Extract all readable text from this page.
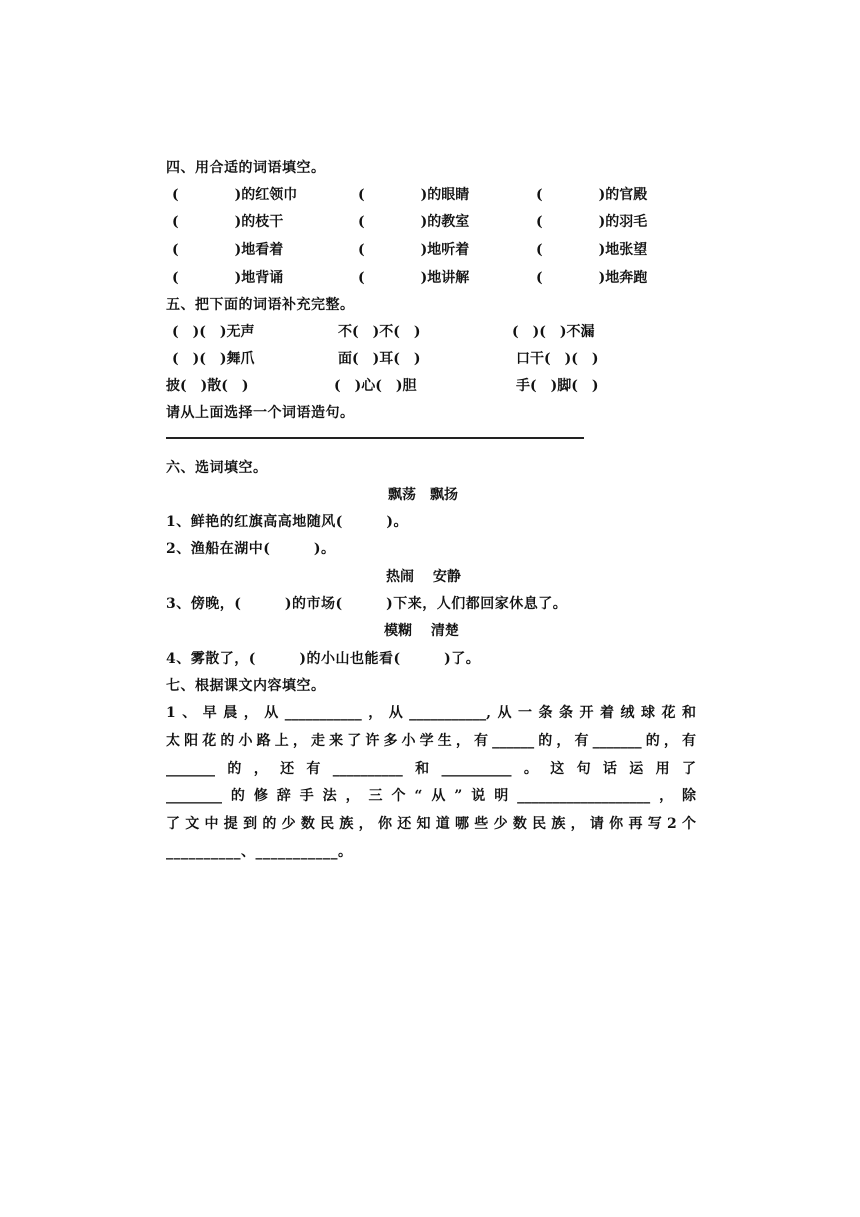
四、用合适的词语填空。
(　　　　)的红领巾	(　　　　)的眼睛	(　　　　)的官殿
(　　　　)的枝干	(　　　　)的教室	(　　　　)的羽毛
(　　　　)地看着	(　　　　)地听着	(　　　　)地张望
(　　　　)地背诵	(　　　　)地讲解	(　　　　)地奔跑
五、把下面的词语补充完整。
(　)(　)无声	不(　)不(　)	(　)(　)不漏
(　)(　)舞爪	面(　)耳(　)	口干(　)(　)
披(　)散(　)	(　)心(　)胆	手(　)脚(　)
请从上面选择一个词语造句。
六、选词填空。
飘荡　飘扬
1、鲜艳的红旗高高地随风(　　　)。
2、渔船在湖中(　　　)。
热闹　 安静
3、傍晚，(　　　)的市场(　　　)下来，人们都回家休息了。
模糊　 清楚
4、雾散了，(　　　)的小山也能看(　　　)了。
七、根据课文内容填空。
1、早晨，从___________，从___________,从一条条开着绒球花和
太阳花的小路上，走来了许多小学生，有______的，有_______的，有
_______的，还有__________和__________。这句话运用了
________的修辞手法，三个“从”说明___________________，除
了文中提到的少数民族，你还知道哪些少数民族，请你再写2个
__________、___________。
